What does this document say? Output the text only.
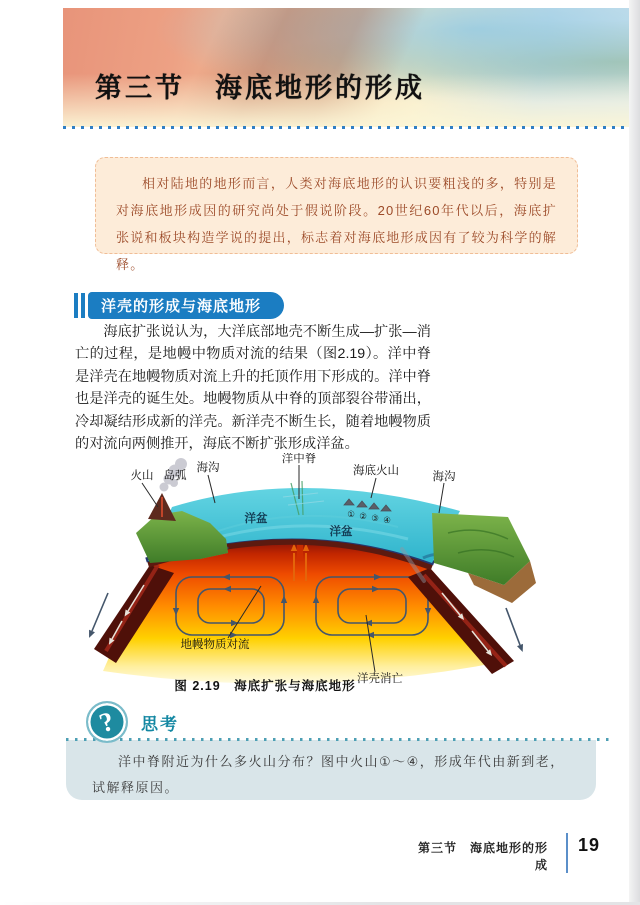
第三节　海底地形的形成

相对陆地的地形而言，人类对海底地形的认识要粗浅的多，特别是对海底地形成因的研究尚处于假说阶段。20世纪60年代以后，海底扩张说和板块构造学说的提出，标志着对海底地形成因有了较为科学的解释。

洋壳的形成与海底地形

海底扩张说认为，大洋底部地壳不断生成—扩张—消亡的过程，是地幔中物质对流的结果（图2.19）。洋中脊是洋壳在地幔物质对流上升的托顶作用下形成的。洋中脊也是洋壳的诞生处。地幔物质从中脊的顶部裂谷带涌出，冷却凝结形成新的洋壳。新洋壳不断生长，随着地幔物质的对流向两侧推开，海底不断扩张形成洋盆。

火山 岛弧
海沟
洋中脊
海底火山	海沟
洋盆
洋盆
地幔物质对流
洋壳消亡
① ② ③ ④
图 2.19　海底扩张与海底地形
? 思考

洋中脊附近为什么多火山分布？图中火山①～④，形成年代由新到老，试解释原因。

第三节　海底地形的形成
19
